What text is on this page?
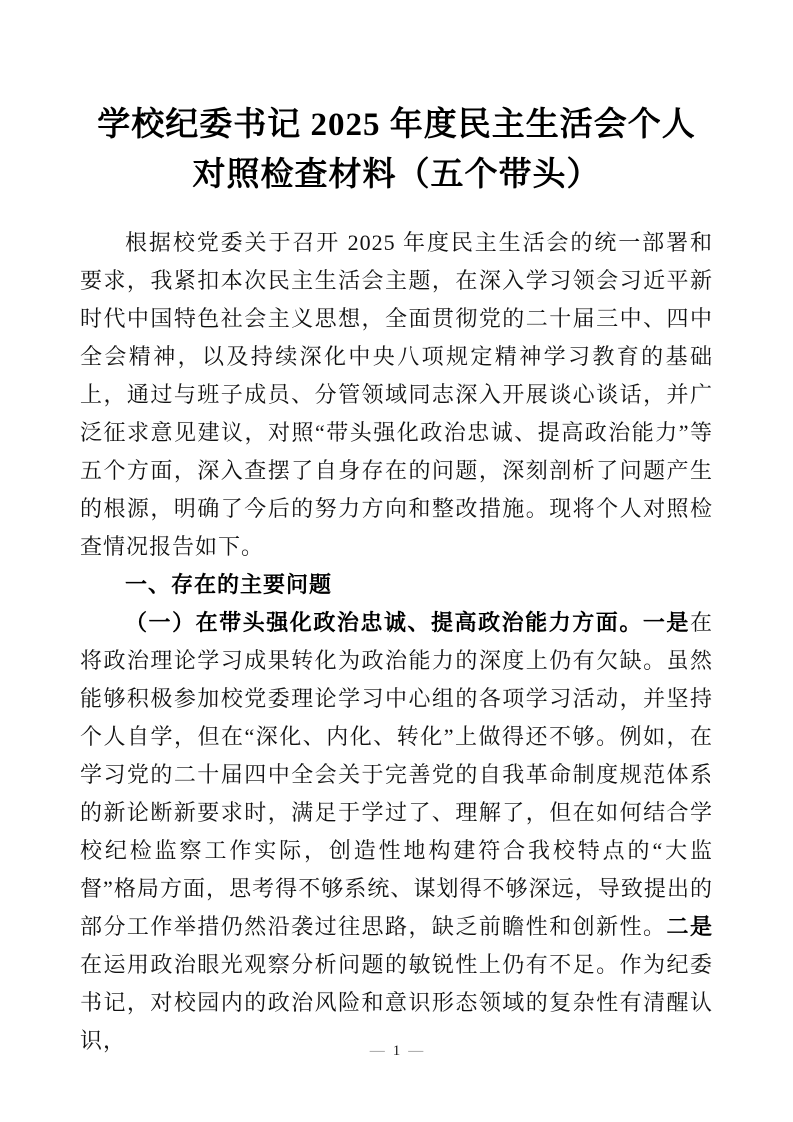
学校纪委书记 2025 年度民主生活会个人
对照检查材料（五个带头）

根据校党委关于召开 2025 年度民主生活会的统一部署和要求，我紧扣本次民主生活会主题，在深入学习领会习近平新时代中国特色社会主义思想，全面贯彻党的二十届三中、四中全会精神，以及持续深化中央八项规定精神学习教育的基础上，通过与班子成员、分管领域同志深入开展谈心谈话，并广泛征求意见建议，对照“带头强化政治忠诚、提高政治能力”等五个方面，深入查摆了自身存在的问题，深刻剖析了问题产生的根源，明确了今后的努力方向和整改措施。现将个人对照检查情况报告如下。

一、存在的主要问题

（一）在带头强化政治忠诚、提高政治能力方面。一是在将政治理论学习成果转化为政治能力的深度上仍有欠缺。虽然能够积极参加校党委理论学习中心组的各项学习活动，并坚持个人自学，但在“深化、内化、转化”上做得还不够。例如，在学习党的二十届四中全会关于完善党的自我革命制度规范体系的新论断新要求时，满足于学过了、理解了，但在如何结合学校纪检监察工作实际，创造性地构建符合我校特点的“大监督”格局方面，思考得不够系统、谋划得不够深远，导致提出的部分工作举措仍然沿袭过往思路，缺乏前瞻性和创新性。二是在运用政治眼光观察分析问题的敏锐性上仍有不足。作为纪委书记，对校园内的政治风险和意识形态领域的复杂性有清醒认识，	— 1 —
